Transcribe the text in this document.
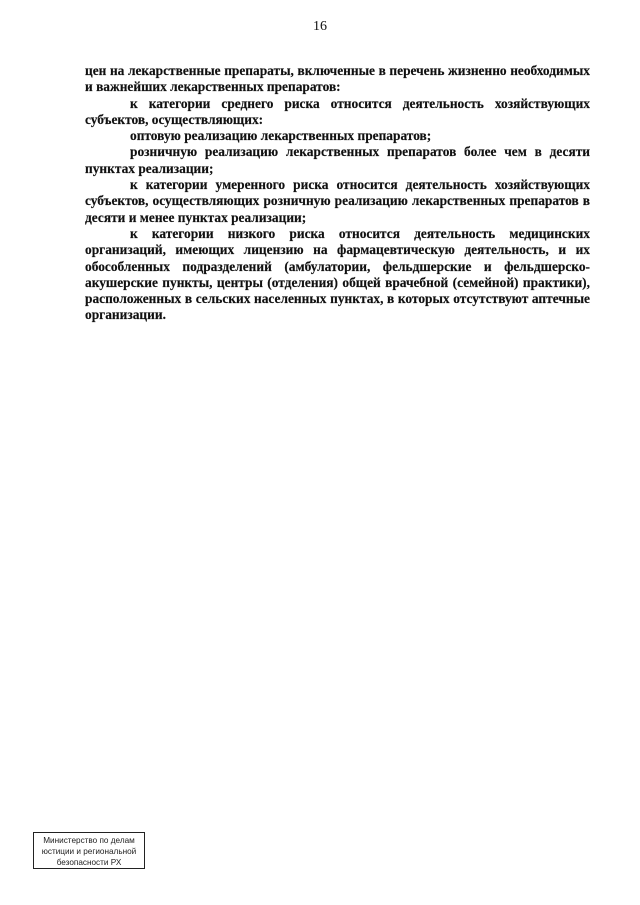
16
цен на лекарственные препараты, включенные в перечень жизненно необходимых
и важнейших лекарственных препаратов:
к категории среднего риска относится деятельность хозяйствующих
субъектов, осуществляющих:
оптовую реализацию лекарственных препаратов;
розничную реализацию лекарственных препаратов более чем в десяти
пунктах реализации;
к категории умеренного риска относится деятельность хозяйствующих
субъектов, осуществляющих розничную реализацию лекарственных препаратов в
десяти и менее пунктах реализации;
к категории низкого риска относится деятельность медицинских
организаций, имеющих лицензию на фармацевтическую деятельность, и их
обособленных подразделений (амбулатории, фельдшерские и фельдшерско-
акушерские пункты, центры (отделения) общей врачебной (семейной) практики),
расположенных в сельских населенных пунктах, в которых отсутствуют аптечные
организации.
Министерство по делам
юстиции и региональной
безопасности РХ
